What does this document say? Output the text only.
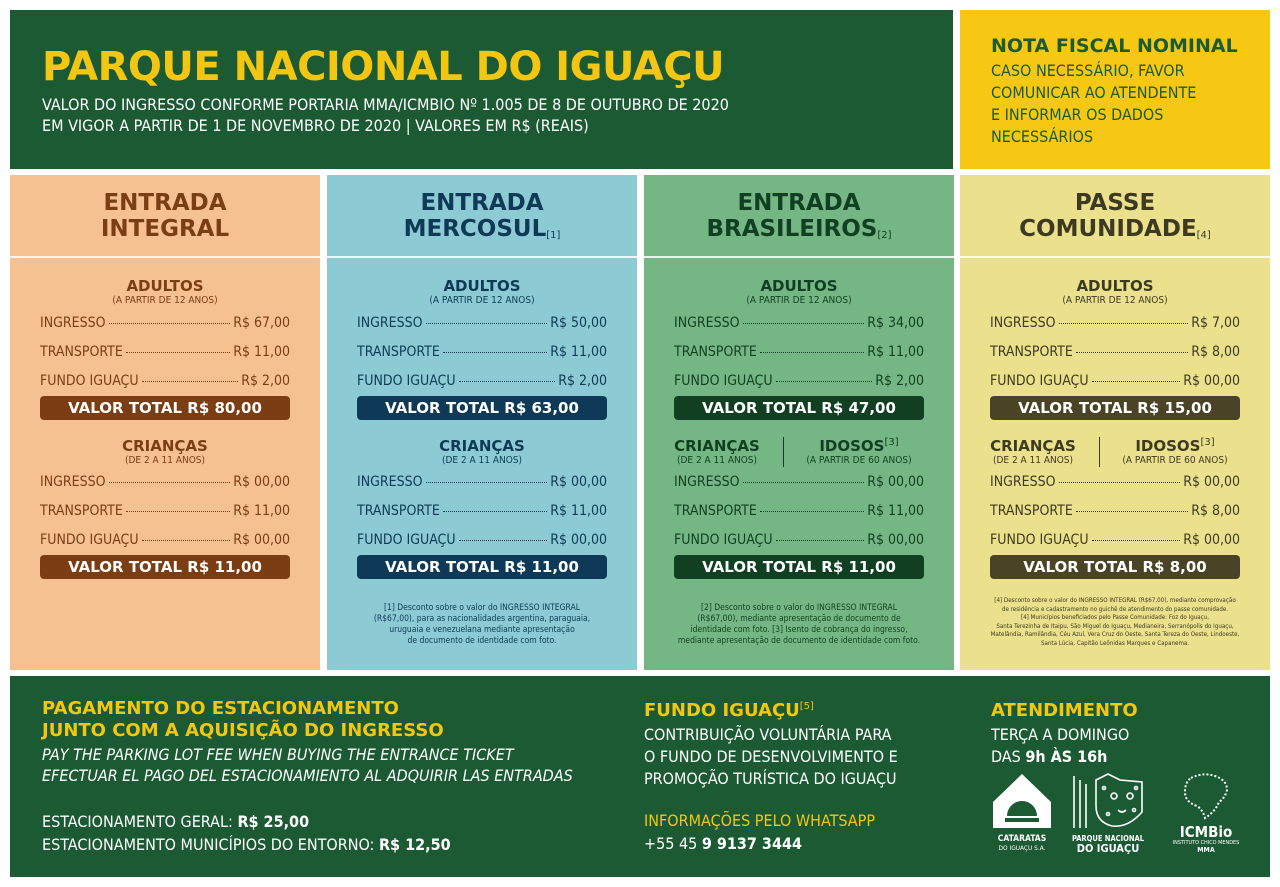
PARQUE NACIONAL DO IGUAÇU
VALOR DO INGRESSO CONFORME PORTARIA MMA/ICMBIO Nº 1.005 DE 8 DE OUTUBRO DE 2020
EM VIGOR A PARTIR DE 1 DE NOVEMBRO DE 2020 | VALORES EM R$ (REAIS)
NOTA FISCAL NOMINAL
CASO NECESSÁRIO, FAVOR
COMUNICAR AO ATENDENTE
E INFORMAR OS DADOS
NECESSÁRIOS
ENTRADA
INTEGRAL
ADULTOS
(A PARTIR DE 12 ANOS)
INGRESSO	R$ 67,00
TRANSPORTE	R$ 11,00
FUNDO IGUAÇU	R$ 2,00
VALOR TOTAL R$ 80,00
CRIANÇAS
(DE 2 A 11 ANOS)
INGRESSO	R$ 00,00
TRANSPORTE	R$ 11,00
FUNDO IGUAÇU	R$ 00,00
VALOR TOTAL R$ 11,00
ENTRADA
MERCOSUL[1]
ADULTOS
(A PARTIR DE 12 ANOS)
INGRESSO	R$ 50,00
TRANSPORTE	R$ 11,00
FUNDO IGUAÇU	R$ 2,00
VALOR TOTAL R$ 63,00
CRIANÇAS
(DE 2 A 11 ANOS)
INGRESSO	R$ 00,00
TRANSPORTE	R$ 11,00
FUNDO IGUAÇU	R$ 00,00
VALOR TOTAL R$ 11,00
[1] Desconto sobre o valor do INGRESSO INTEGRAL
(R$67,00), para as nacionalidades argentina, paraguaia,
uruguaia e venezuelana mediante apresentação
de documento de identidade com foto.
ENTRADA
BRASILEIROS[2]
ADULTOS
(A PARTIR DE 12 ANOS)
INGRESSO	R$ 34,00
TRANSPORTE	R$ 11,00
FUNDO IGUAÇU	R$ 2,00
VALOR TOTAL R$ 47,00
CRIANÇAS
(DE 2 A 11 ANOS)
IDOSOS[3]
(A PARTIR DE 60 ANOS)
INGRESSO	R$ 00,00
TRANSPORTE	R$ 11,00
FUNDO IGUAÇU	R$ 00,00
VALOR TOTAL R$ 11,00
[2] Desconto sobre o valor do INGRESSO INTEGRAL
(R$67,00), mediante apresentação de documento de
identidade com foto. [3] Isento de cobrança do ingresso,
mediante apresentação de documento de identidade com foto.
PASSE
COMUNIDADE[4]
ADULTOS
(A PARTIR DE 12 ANOS)
INGRESSO	R$ 7,00
TRANSPORTE	R$ 8,00
FUNDO IGUAÇU	R$ 00,00
VALOR TOTAL R$ 15,00
CRIANÇAS
(DE 2 A 11 ANOS)
IDOSOS[3]
(A PARTIR DE 60 ANOS)
INGRESSO	R$ 00,00
TRANSPORTE	R$ 8,00
FUNDO IGUAÇU	R$ 00,00
VALOR TOTAL R$ 8,00
[4] Desconto sobre o valor do INGRESSO INTEGRAL (R$67,00), mediante comprovação
de residência e cadastramento no guichê de atendimento do passe comunidade.
[4] Municípios beneficiados pelo Passe Comunidade: Foz do Iguaçu,
Santa Terezinha de Itaipu, São Miguel do Iguaçu, Medianeira, Serranópolis do Iguaçu,
Matelândia, Ramilândia, Céu Azul, Vera Cruz do Oeste, Santa Tereza do Oeste, Lindoeste,
Santa Lúcia, Capitão Leônidas Marques e Capanema.
PAGAMENTO DO ESTACIONAMENTO
JUNTO COM A AQUISIÇÃO DO INGRESSO
PAY THE PARKING LOT FEE WHEN BUYING THE ENTRANCE TICKET
EFECTUAR EL PAGO DEL ESTACIONAMIENTO AL ADQUIRIR LAS ENTRADAS
ESTACIONAMENTO GERAL: R$ 25,00
ESTACIONAMENTO MUNICÍPIOS DO ENTORNO: R$ 12,50
FUNDO IGUAÇU[5]
CONTRIBUIÇÃO VOLUNTÁRIA PARA
O FUNDO DE DESENVOLVIMENTO E
PROMOÇÃO TURÍSTICA DO IGUAÇU
INFORMAÇÕES PELO WHATSAPP
+55 45 9 9137 3444
ATENDIMENTO
TERÇA A DOMINGO
DAS 9h ÀS 16h
CATARATAS
DO IGUAÇU S.A.
PARQUE NACIONAL
DO IGUAÇU
ICMBio
INSTITUTO CHICO MENDES
MMA
